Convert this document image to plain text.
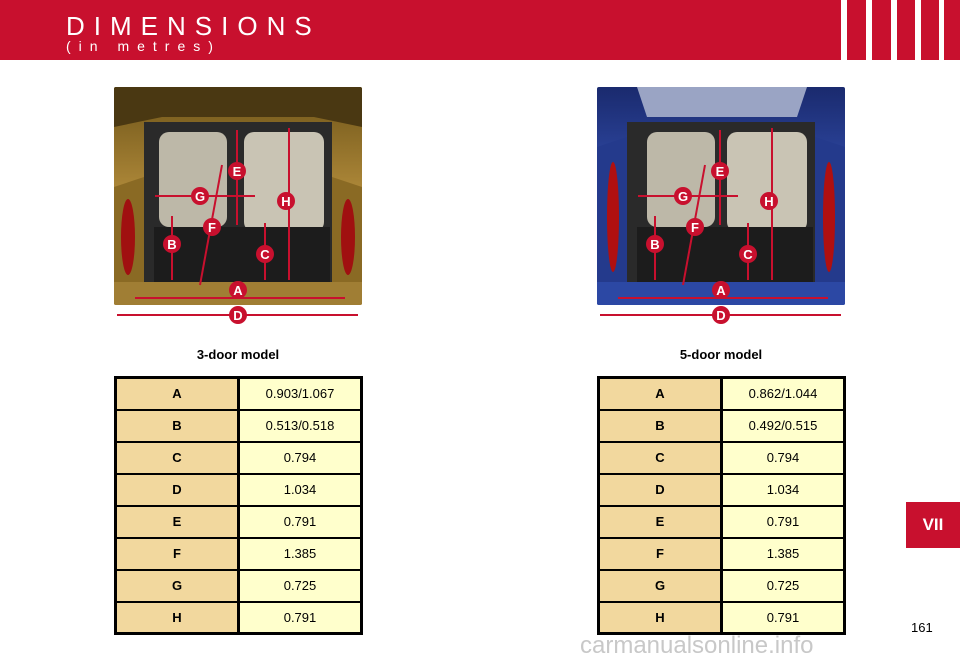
DIMENSIONS
(in metres)
A
B
C
D
E
F
G	H
A
B
C
D
E
F
G	H
3-door model	5-door model
A	0.903/1.067
B	0.513/0.518
C	0.794
D	1.034
E	0.791
F	1.385
G	0.725
H	0.791
A	0.862/1.044
B	0.492/0.515
C	0.794
D	1.034
E	0.791
F	1.385
G	0.725
H	0.791
VII
161
carmanualsonline.info
